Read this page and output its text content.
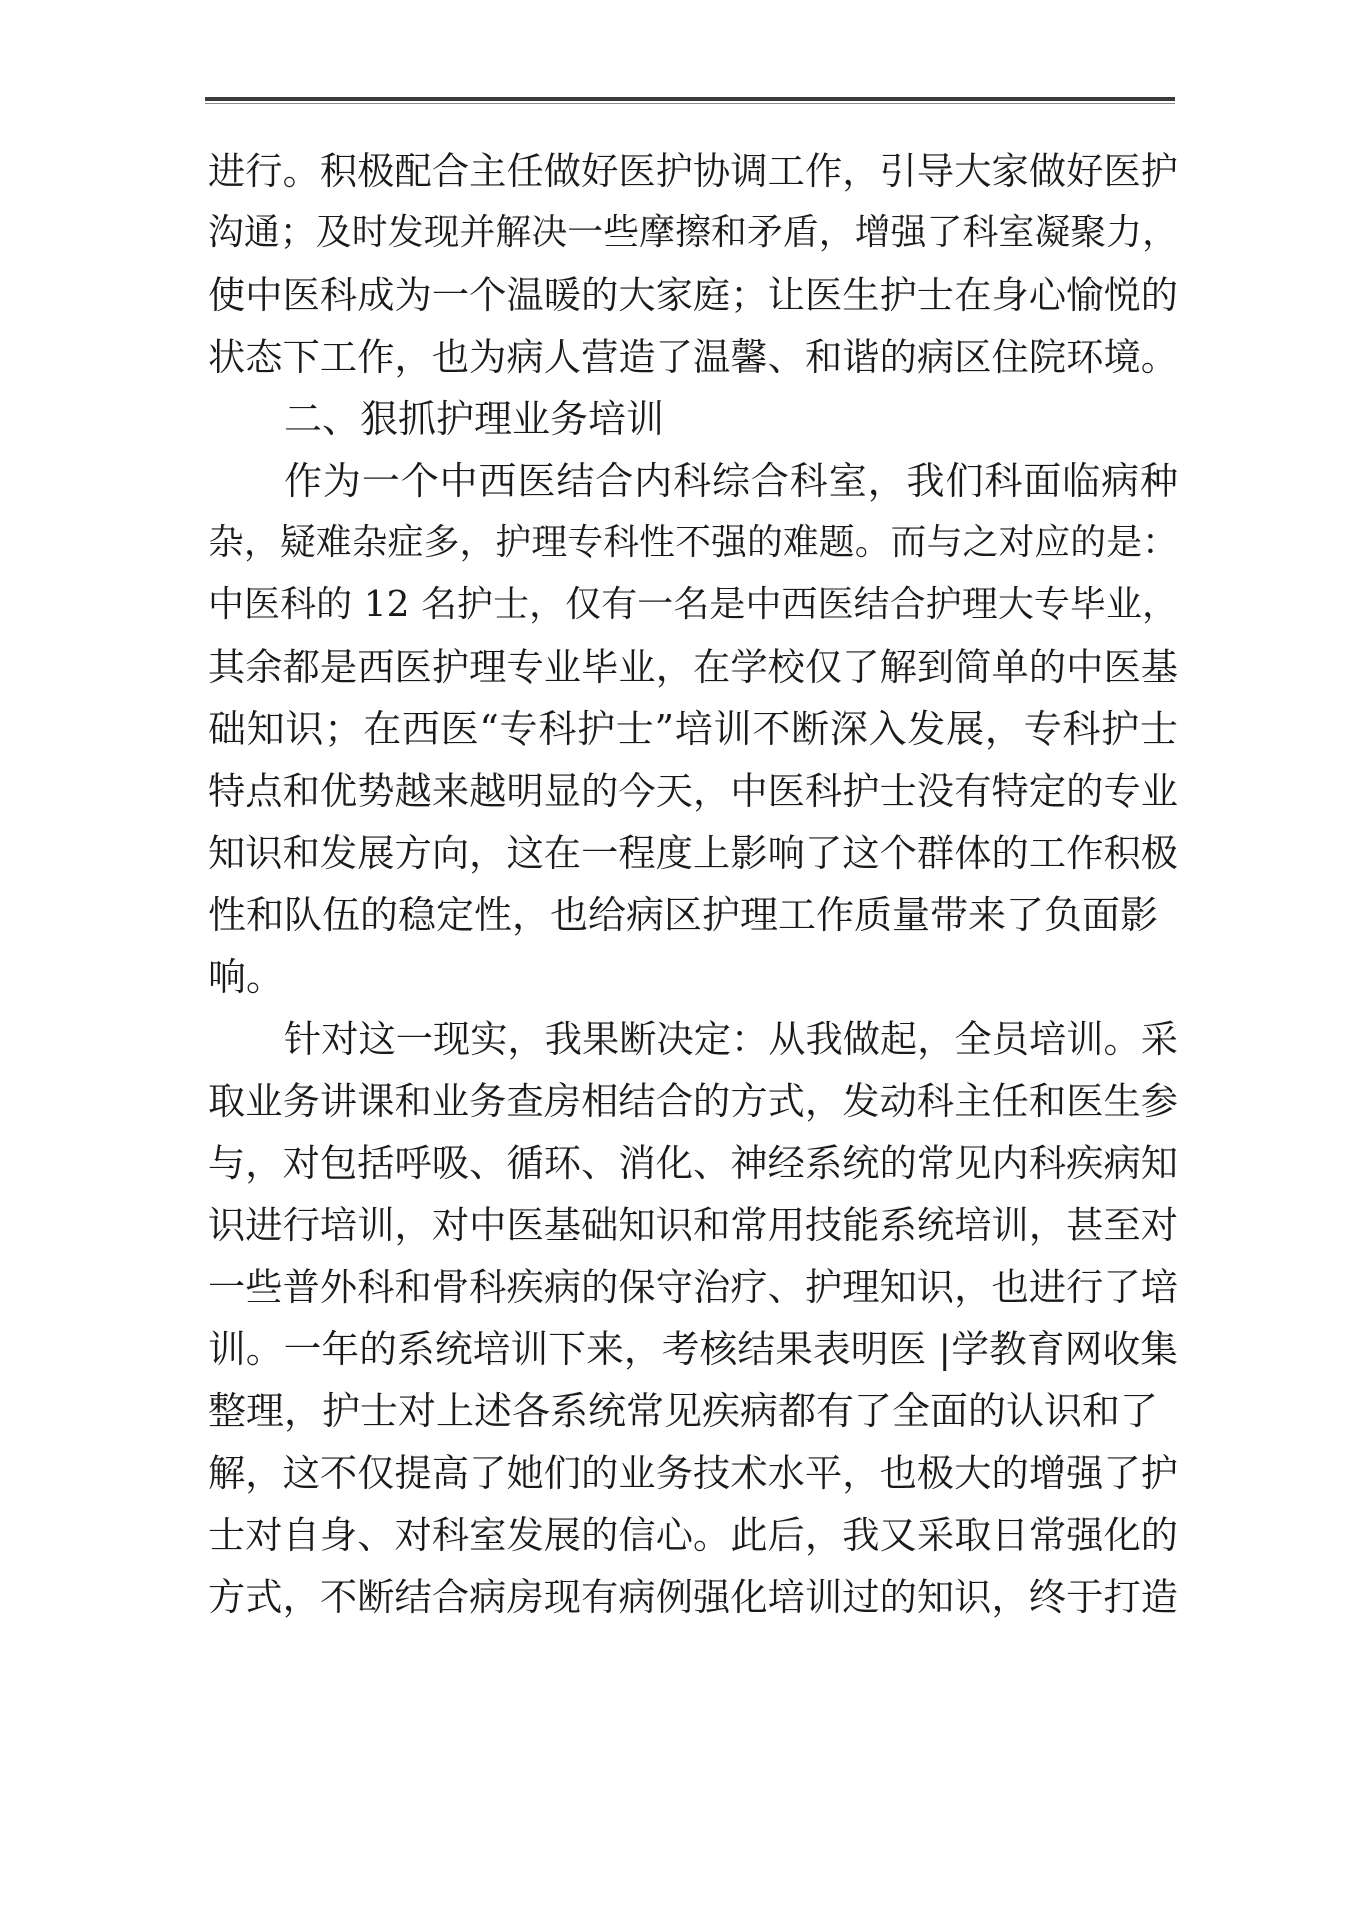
进行。积极配合主任做好医护协调工作，引导大家做好医护
沟通；及时发现并解决一些摩擦和矛盾，增强了科室凝聚力，
使中医科成为一个温暖的大家庭；让医生护士在身心愉悦的
状态下工作，也为病人营造了温馨、和谐的病区住院环境。
二、狠抓护理业务培训
作为一个中西医结合内科综合科室，我们科面临病种
杂，疑难杂症多，护理专科性不强的难题。而与之对应的是：
中医科的 12 名护士，仅有一名是中西医结合护理大专毕业，
其余都是西医护理专业毕业，在学校仅了解到简单的中医基
础知识；在西医“专科护士”培训不断深入发展，专科护士
特点和优势越来越明显的今天，中医科护士没有特定的专业
知识和发展方向，这在一程度上影响了这个群体的工作积极
性和队伍的稳定性，也给病区护理工作质量带来了负面影
响。
针对这一现实，我果断决定：从我做起，全员培训。采
取业务讲课和业务查房相结合的方式，发动科主任和医生参
与，对包括呼吸、循环、消化、神经系统的常见内科疾病知
识进行培训，对中医基础知识和常用技能系统培训，甚至对
一些普外科和骨科疾病的保守治疗、护理知识，也进行了培
训。一年的系统培训下来，考核结果表明医 |学教育网收集
整理，护士对上述各系统常见疾病都有了全面的认识和了
解，这不仅提高了她们的业务技术水平，也极大的增强了护
士对自身、对科室发展的信心。此后，我又采取日常强化的
方式，不断结合病房现有病例强化培训过的知识，终于打造
